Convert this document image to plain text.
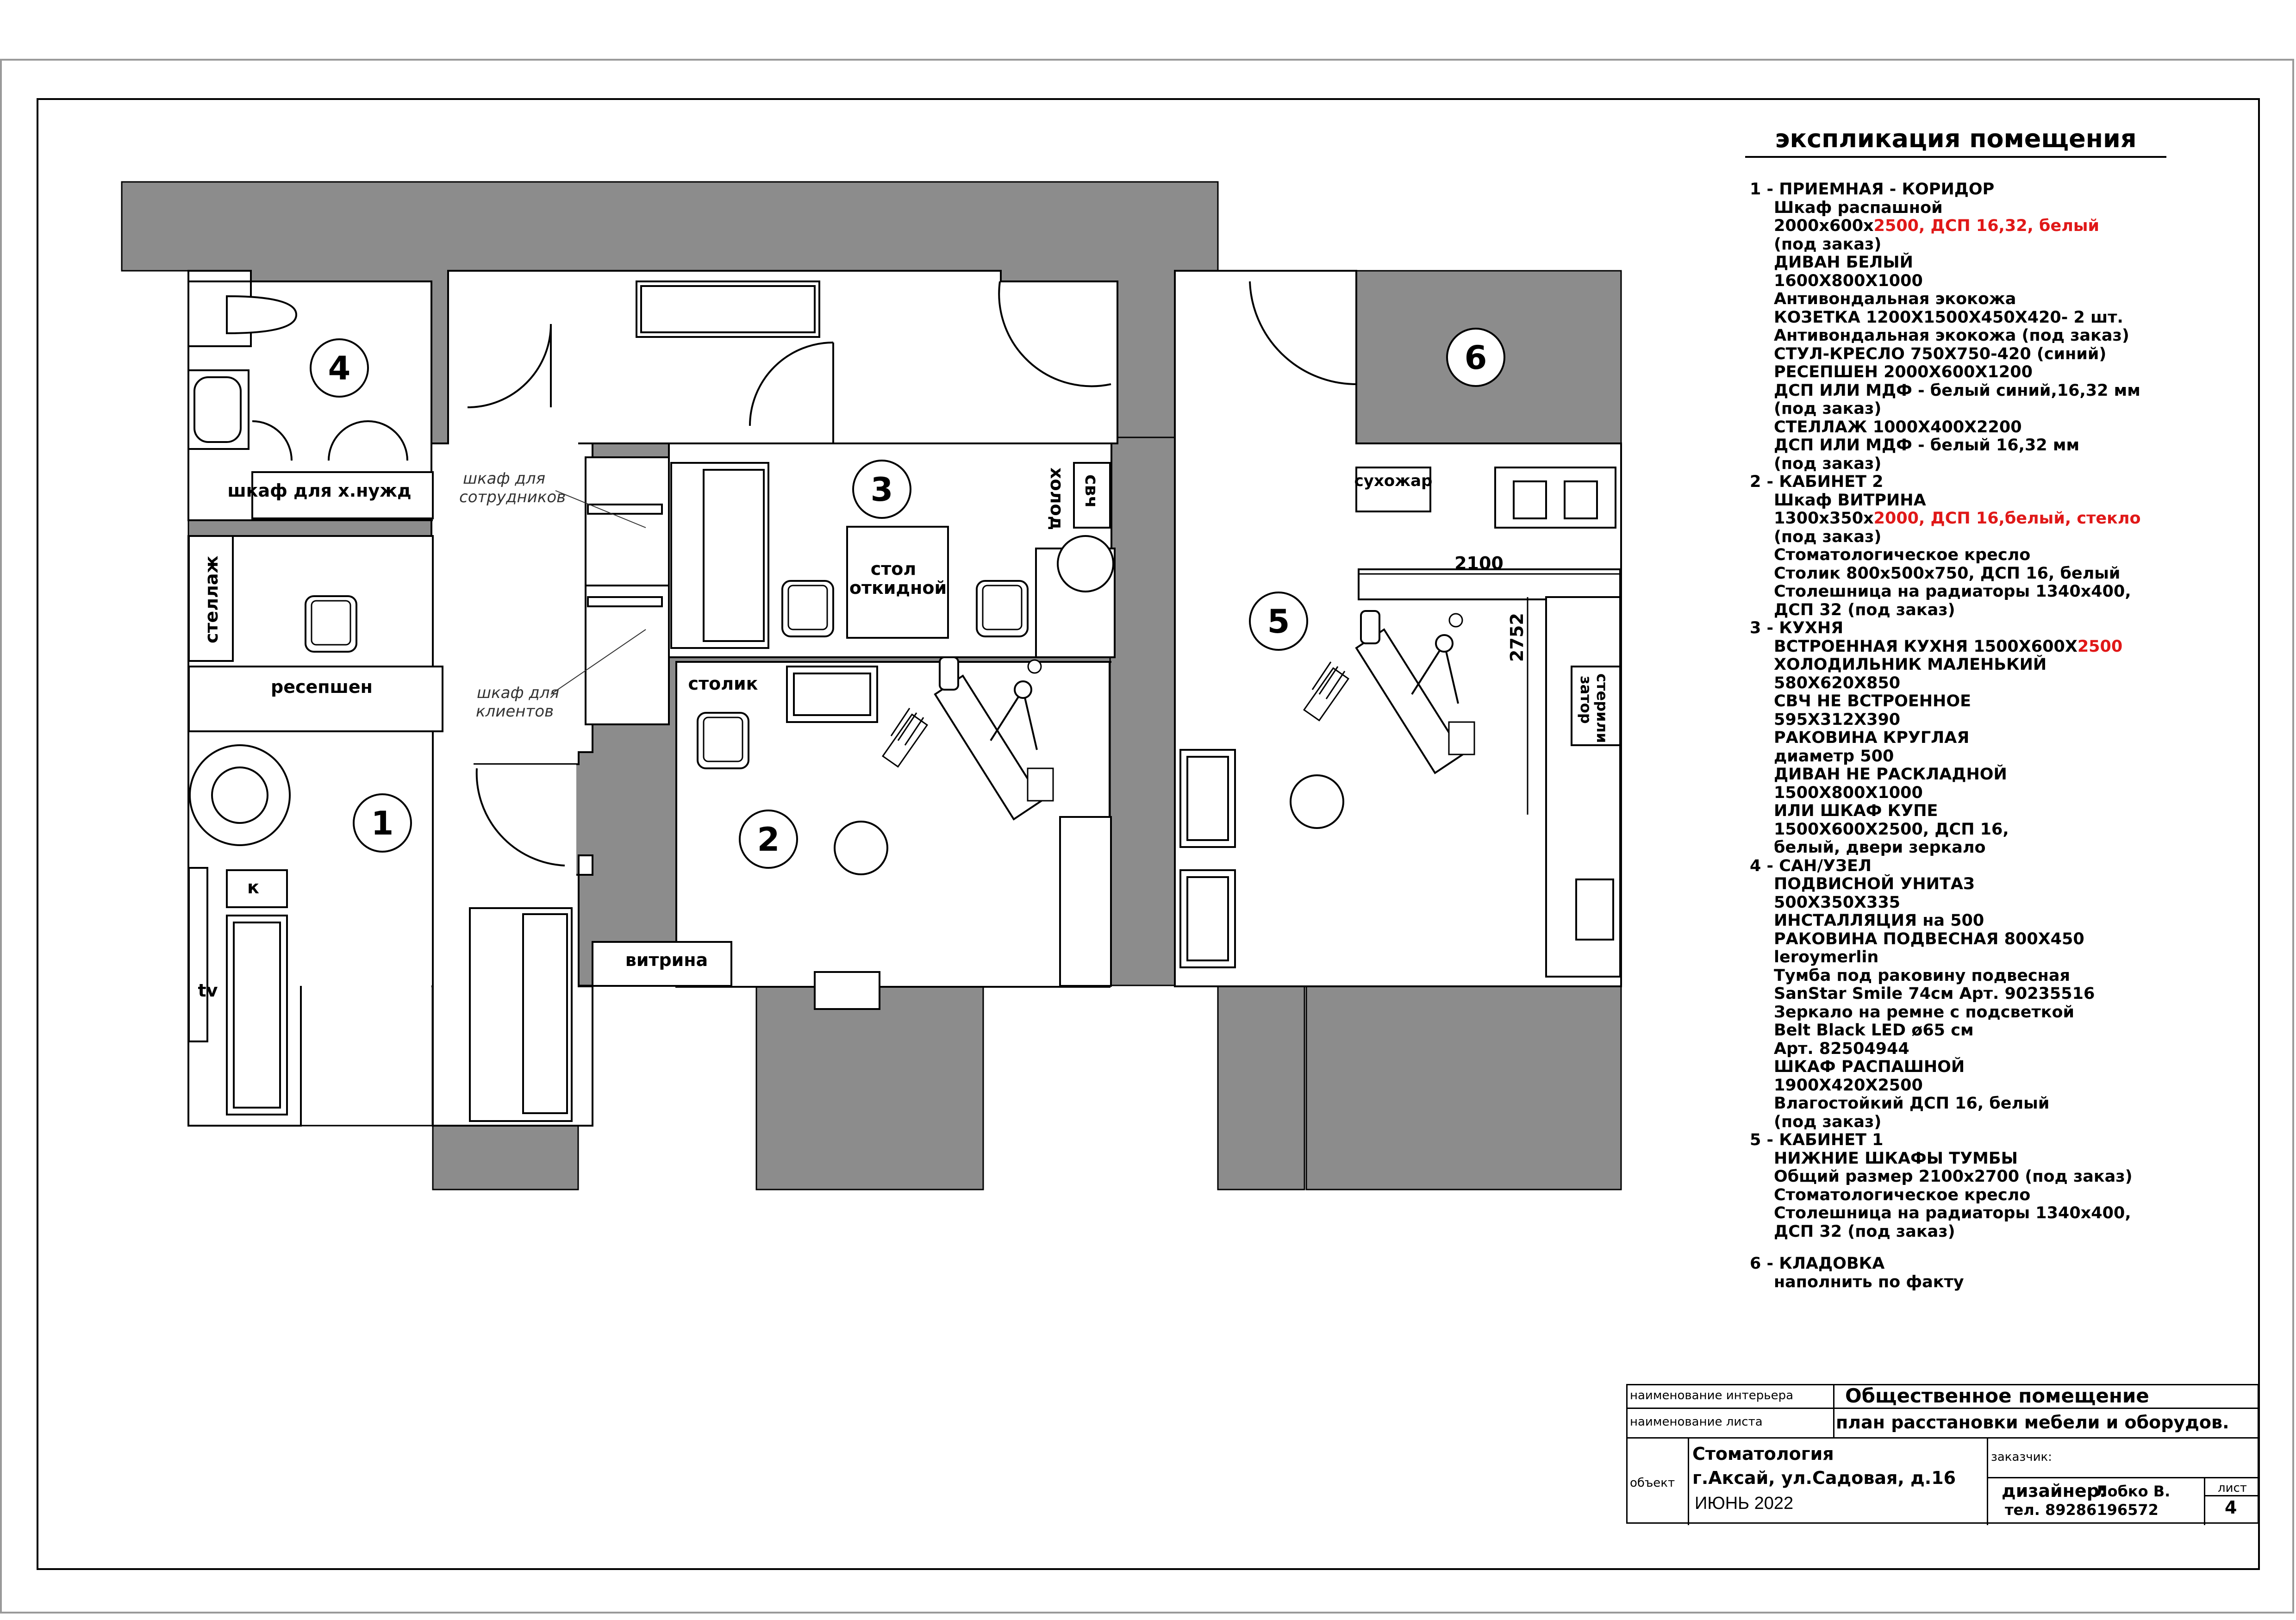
шкаф для х.нужд
1	2
3
4
5
6
стеллаж
ресепшен
к
tv
стол
откидной
холод свч
столик
витрина
сухожар
стерили
затор
шкаф для
сотрудников
шкаф для
клиентов
2100
2752
экспликация помещения
1 - ПРИЕМНАЯ - КОРИДОР
Шкаф распашной
2000х600х2500, ДСП 16,32, белый
(под заказ)
ДИВАН БЕЛЫЙ
1600Х800Х1000
Антивондальная экокожа
КОЗЕТКА 1200Х1500Х450Х420- 2 шт.
Антивондальная экокожа (под заказ)
СТУЛ-КРЕСЛО 750Х750-420 (синий)
РЕСЕПШЕН 2000Х600Х1200
ДСП ИЛИ МДФ - белый синий,16,32 мм
(под заказ)
СТЕЛЛАЖ 1000Х400Х2200
ДСП ИЛИ МДФ - белый 16,32 мм
(под заказ)
2 - КАБИНЕТ 2
Шкаф ВИТРИНА
1300х350х2000, ДСП 16,белый, стекло
(под заказ)
Стоматологическое кресло
Столик 800х500х750, ДСП 16, белый
Столешница на радиаторы 1340х400,
ДСП 32 (под заказ)
3 - КУХНЯ
ВСТРОЕННАЯ КУХНЯ 1500Х600Х2500
ХОЛОДИЛЬНИК МАЛЕНЬКИЙ
580Х620Х850
СВЧ НЕ ВСТРОЕННОЕ
595Х312Х390
РАКОВИНА КРУГЛАЯ
диаметр 500
ДИВАН НЕ РАСКЛАДНОЙ
1500Х800Х1000
ИЛИ ШКАФ КУПЕ
1500Х600Х2500, ДСП 16,
белый, двери зеркало
4 - САН/УЗЕЛ
ПОДВИСНОЙ УНИТАЗ
500Х350Х335
ИНСТАЛЛЯЦИЯ на 500
РАКОВИНА ПОДВЕСНАЯ 800Х450
leroymerlin
Тумба под раковину подвесная
SanStar Smile 74см Арт. 90235516
Зеркало на ремне с подсветкой
Belt Black LED ø65 см
Арт. 82504944
ШКАФ РАСПАШНОЙ
1900Х420Х2500
Влагостойкий ДСП 16, белый
(под заказ)
5 - КАБИНЕТ 1
НИЖНИЕ ШКАФЫ ТУМБЫ
Общий размер 2100х2700 (под заказ)
Стоматологическое кресло
Столешница на радиаторы 1340х400,
ДСП 32 (под заказ)
6 - КЛАДОВКА
наполнить по факту
наименование интерьера	Общественное помещение
наименование листа	план расстановки мебели и оборудов.
объект
Стоматология
г.Аксай, ул.Садовая, д.16
ИЮНЬ 2022
заказчик:
дизайнер:
Лобко В.
тел. 89286196572
лист
4
